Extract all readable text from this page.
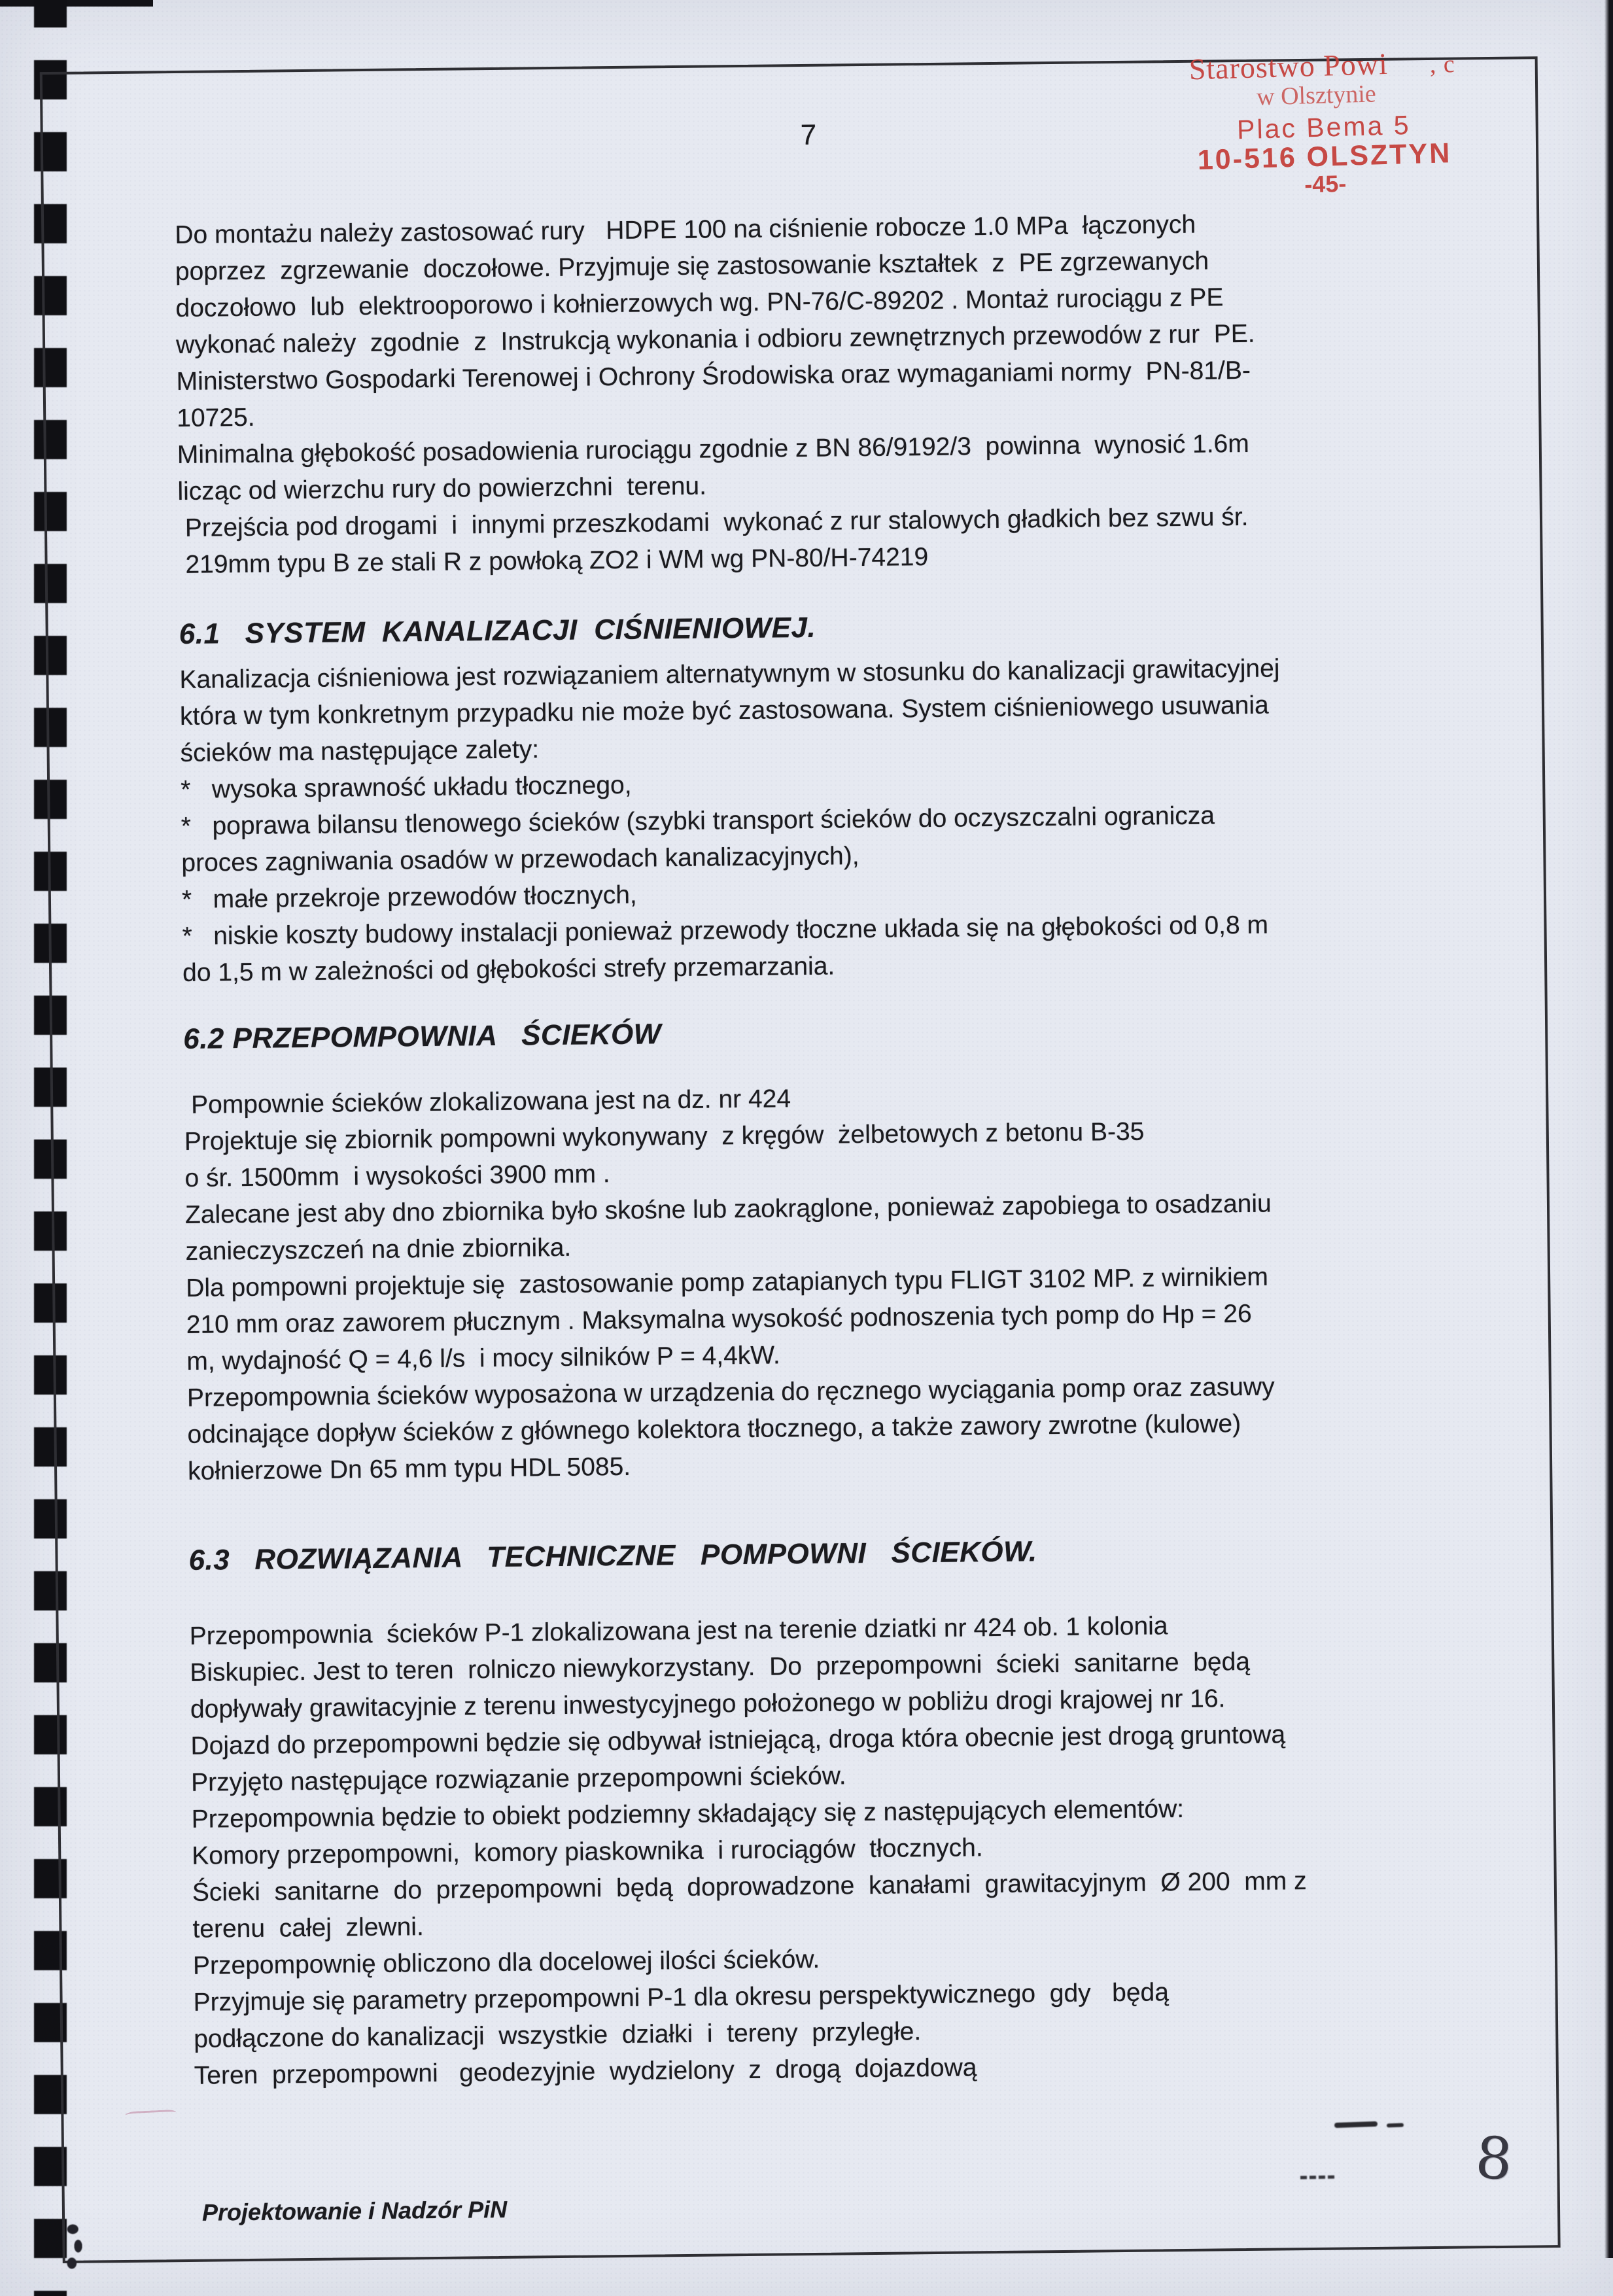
7
Starostwo Powi , c
w Olsztynie
Plac Bema 5
10-516 OLSZTYN
-45-

Do montażu należy zastosować rury   HDPE 100 na ciśnienie robocze 1.0 MPa  łączonych
poprzez  zgrzewanie  doczołowe. Przyjmuje się zastosowanie kształtek  z  PE zgrzewanych
doczołowo  lub  elektrooporowo i kołnierzowych wg. PN-76/C-89202 . Montaż rurociągu z PE
wykonać należy  zgodnie  z  Instrukcją wykonania i odbioru zewnętrznych przewodów z rur  PE.
Ministerstwo Gospodarki Terenowej i Ochrony Środowiska oraz wymaganiami normy  PN-81/B-
10725.

Minimalna głębokość posadowienia rurociągu zgodnie z BN 86/9192/3  powinna  wynosić 1.6m
licząc od wierzchu rury do powierzchni  terenu.

Przejścia pod drogami  i  innymi przeszkodami  wykonać z rur stalowych gładkich bez szwu śr.
219mm typu B ze stali R z powłoką ZO2 i WM wg PN-80/H-74219

6.1   SYSTEM  KANALIZACJI  CIŚNIENIOWEJ.

Kanalizacja ciśnieniowa jest rozwiązaniem alternatywnym w stosunku do kanalizacji grawitacyjnej
która w tym konkretnym przypadku nie może być zastosowana. System ciśnieniowego usuwania
ścieków ma następujące zalety:

*   wysoka sprawność układu tłocznego,
*   poprawa bilansu tlenowego ścieków (szybki transport ścieków do oczyszczalni ogranicza
proces zagniwania osadów w przewodach kanalizacyjnych),
*   małe przekroje przewodów tłocznych,
*   niskie koszty budowy instalacji ponieważ przewody tłoczne układa się na głębokości od 0,8 m
do 1,5 m w zależności od głębokości strefy przemarzania.

6.2 PRZEPOMPOWNIA   ŚCIEKÓW

Pompownie ścieków zlokalizowana jest na dz. nr 424
Projektuje się zbiornik pompowni wykonywany  z kręgów  żelbetowych z betonu B-35
o śr. 1500mm  i wysokości 3900 mm .
Zalecane jest aby dno zbiornika było skośne lub zaokrąglone, ponieważ zapobiega to osadzaniu
zanieczyszczeń na dnie zbiornika.
Dla pompowni projektuje się  zastosowanie pomp zatapianych typu FLIGT 3102 MP. z wirnikiem
210 mm oraz zaworem płucznym . Maksymalna wysokość podnoszenia tych pomp do Hp = 26
m, wydajność Q = 4,6 l/s  i mocy silników P = 4,4kW.
Przepompownia ścieków wyposażona w urządzenia do ręcznego wyciągania pomp oraz zasuwy
odcinające dopływ ścieków z głównego kolektora tłocznego, a także zawory zwrotne (kulowe)
kołnierzowe Dn 65 mm typu HDL 5085.

6.3   ROZWIĄZANIA   TECHNICZNE   POMPOWNI   ŚCIEKÓW.

Przepompownia  ścieków P-1 zlokalizowana jest na terenie dziatki nr 424 ob. 1 kolonia
Biskupiec. Jest to teren  rolniczo niewykorzystany.  Do  przepompowni  ścieki  sanitarne  będą
dopływały grawitacyjnie z terenu inwestycyjnego położonego w pobliżu drogi krajowej nr 16.
Dojazd do przepompowni będzie się odbywał istniejącą, droga która obecnie jest drogą gruntową
Przyjęto następujące rozwiązanie przepompowni ścieków.
Przepompownia będzie to obiekt podziemny składający się z następujących elementów:
Komory przepompowni,  komory piaskownika  i rurociągów  tłocznych.
Ścieki  sanitarne  do  przepompowni  będą  doprowadzone  kanałami  grawitacyjnym  Ø 200  mm z
terenu  całej  zlewni.
Przepompownię obliczono dla docelowej ilości ścieków.
Przyjmuje się parametry przepompowni P-1 dla okresu perspektywicznego  gdy   będą
podłączone do kanalizacji  wszystkie  działki  i  tereny  przyległe.
Teren  przepompowni   geodezyjnie  wydzielony  z  drogą  dojazdową

Projektowanie i Nadzór PiN
8
